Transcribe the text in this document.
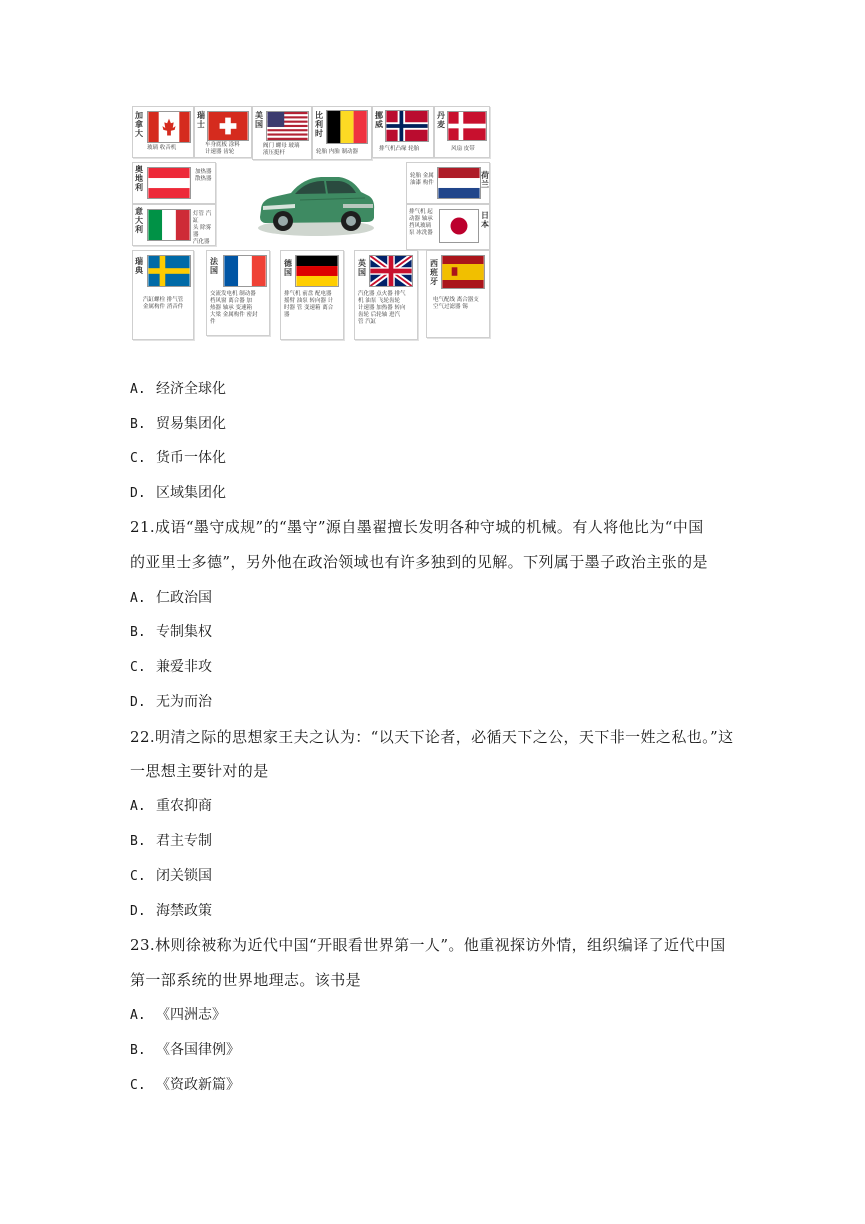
加
拿
大
玻璃 收音机
瑞
士
车身底板 涂料
计速器 齿轮
美
国
阀门 螺母 玻璃
液压挺杆
比
利
时
轮胎 内胎 制动器
挪
威
排气机凸缘 轮胎
丹
麦
风扇 皮带
奥
地
利
加热器
散热器	轮胎 金属
油漆 构件
荷
兰
意
大
利
灯管 汽缸
头 除雾器
汽化器
排气机 起
动器 轴承
挡风玻璃
泵 冰洗器
日
本
瑞
典
汽缸螺栓 排气管
金属构件 消音件
法
国
交流发电机 制动器
档风窗 离合器 加
热器 轴承 变速箱
大梁 金属构件 密封
件
德
国
排气机 前盘 配电器
摇臂 油泵 转向器 计
时器 管 变速箱 离合
器
英
国
汽化器 点火器 排气
机 油泵 飞轮齿轮
计速器 加热器 转向
齿轮 后轮轴 进汽
管 汽缸
西
班
牙
电气配线 离合器支
空气过滤器 锡
A. 经济全球化
B. 贸易集团化
C. 货币一体化
D. 区域集团化
21.成语“墨守成规”的“墨守”源自墨翟擅长发明各种守城的机械。有人将他比为“中国
的亚里士多德”，另外他在政治领域也有许多独到的见解。下列属于墨子政治主张的是
A. 仁政治国
B. 专制集权
C. 兼爱非攻
D. 无为而治
22.明清之际的思想家王夫之认为：“以天下论者，必循天下之公，天下非一姓之私也。”这
一思想主要针对的是
A. 重农抑商
B. 君主专制
C. 闭关锁国
D. 海禁政策
23.林则徐被称为近代中国“开眼看世界第一人”。他重视探访外情，组织编译了近代中国
第一部系统的世界地理志。该书是
A. 《四洲志》
B. 《各国律例》
C. 《资政新篇》
